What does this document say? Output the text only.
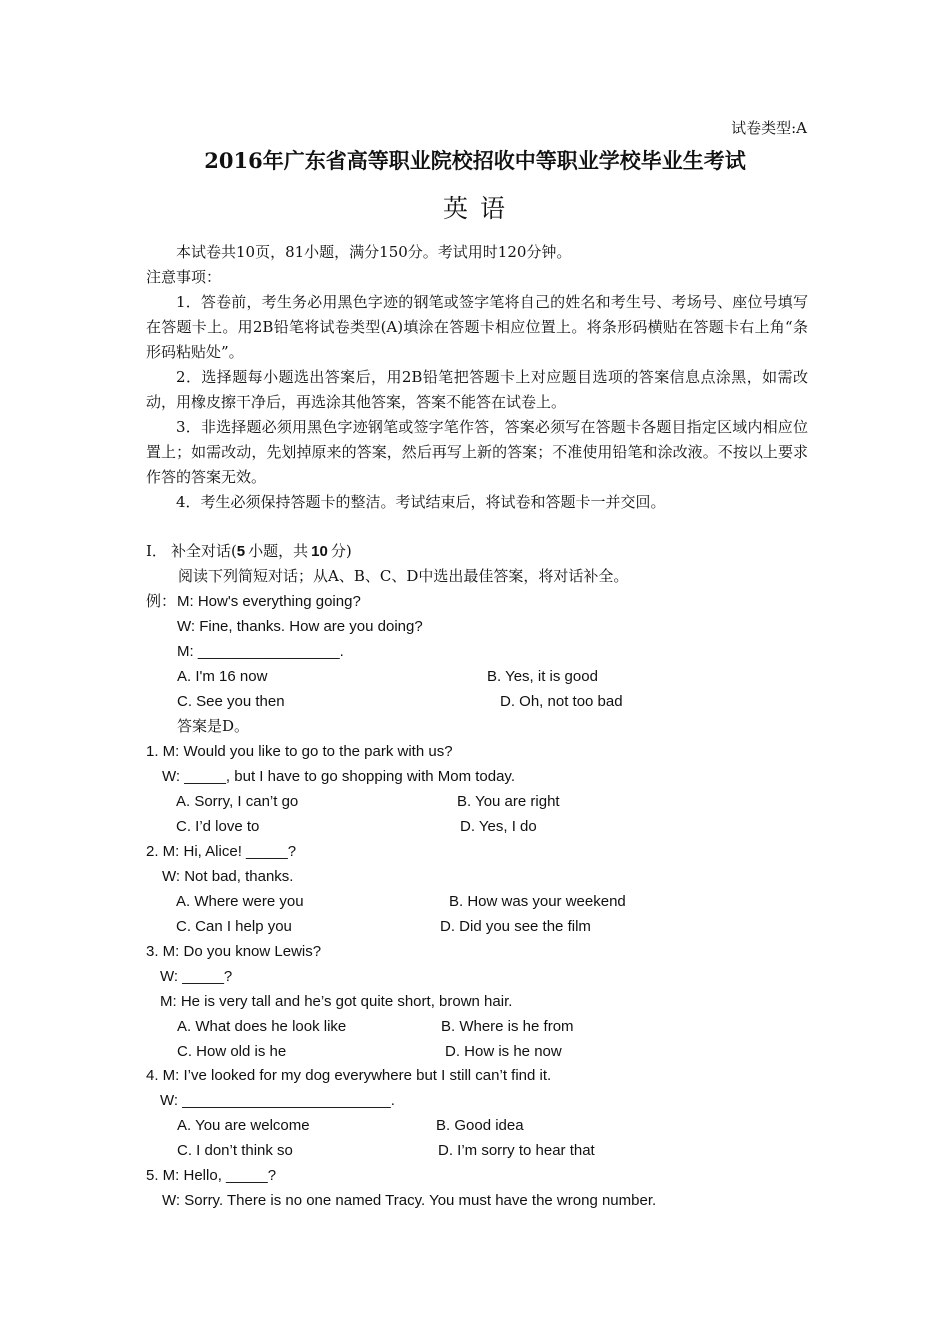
试卷类型:A
2016年广东省高等职业院校招收中等职业学校毕业生考试
英 语
本试卷共10页，81小题，满分150分。考试用时120分钟。
注意事项：
1．答卷前，考生务必用黑色字迹的钢笔或签字笔将自己的姓名和考生号、考场号、座位号填写在答题卡上。用2B铅笔将试卷类型(A)填涂在答题卡相应位置上。将条形码横贴在答题卡右上角“条形码粘贴处”。
2．选择题每小题选出答案后，用2B铅笔把答题卡上对应题目选项的答案信息点涂黑，如需改动，用橡皮擦干净后，再选涂其他答案，答案不能答在试卷上。
3．非选择题必须用黑色字迹钢笔或签字笔作答，答案必须写在答题卡各题目指定区域内相应位置上；如需改动，先划掉原来的答案，然后再写上新的答案；不准使用铅笔和涂改液。不按以上要求作答的答案无效。
4．考生必须保持答题卡的整洁。考试结束后，将试卷和答题卡一并交回。
Ⅰ． 补全对话(5 小题，共 10 分)
阅读下列简短对话；从A、B、C、D中选出最佳答案，将对话补全。
例： M: How's everything going?
W: Fine, thanks. How are you doing?
M: _________________.
A. I'm 16 now	B. Yes, it is good
C. See you then	D. Oh, not too bad
答案是D。
1. M: Would you like to go to the park with us?
W: _____, but I have to go shopping with Mom today.
A. Sorry, I can’t go	B. You are right
C. I’d love to	D. Yes, I do
2. M: Hi, Alice! _____?
W: Not bad, thanks.
A. Where were you	B. How was your weekend
C. Can I help you	D. Did you see the film
3. M: Do you know Lewis?
W: _____?
M: He is very tall and he’s got quite short, brown hair.
A. What does he look like	B. Where is he from
C. How old is he	D. How is he now
4. M: I’ve looked for my dog everywhere but I still can’t find it.
W: _________________________.
A. You are welcome	B. Good idea
C. I don’t think so	D. I’m sorry to hear that
5. M: Hello, _____?
W: Sorry. There is no one named Tracy. You must have the wrong number.
